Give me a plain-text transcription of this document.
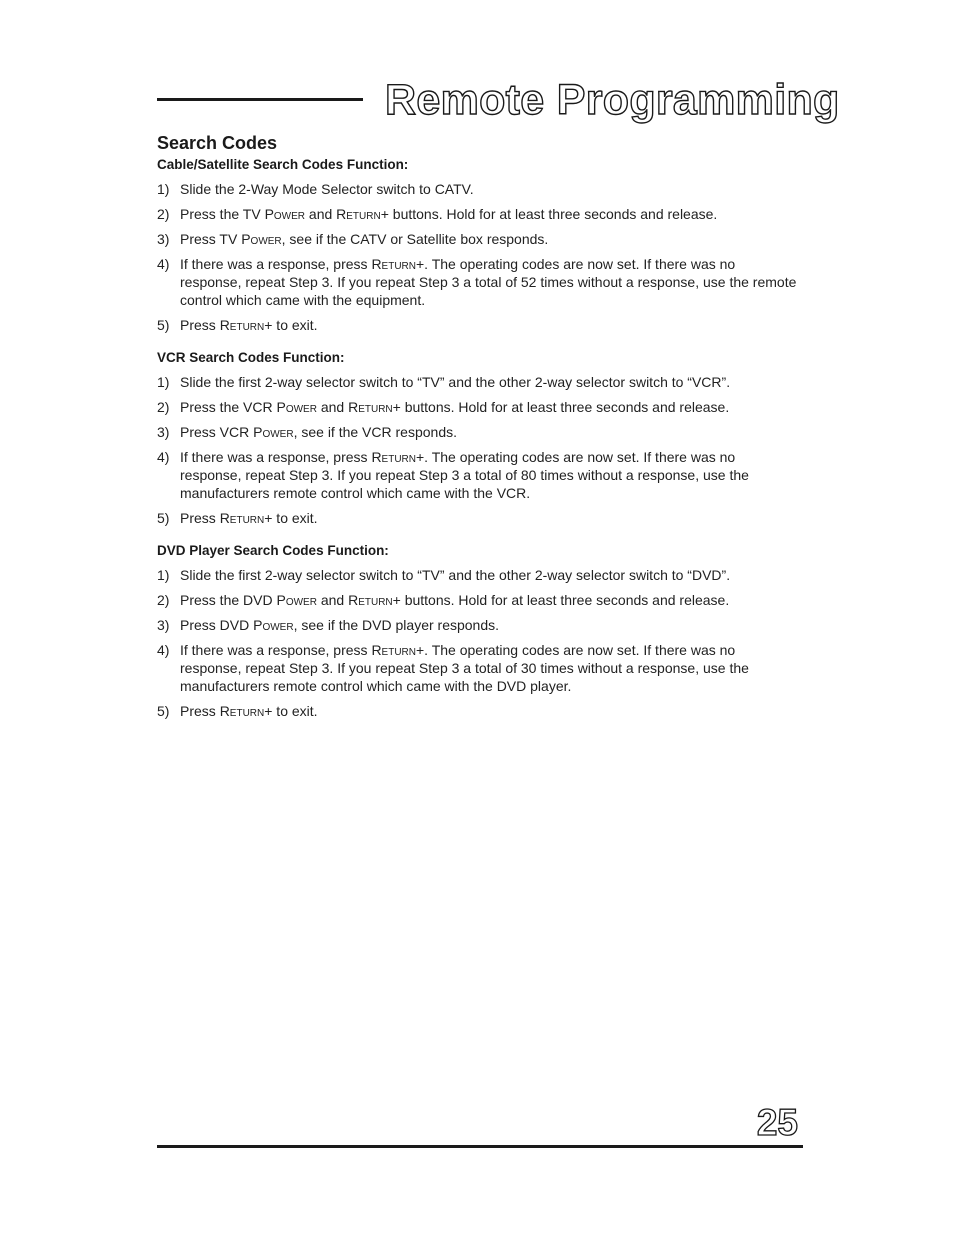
Remote Programming
Search Codes
Cable/Satellite Search Codes Function:
1) Slide the 2-Way Mode Selector switch to CATV.
2) Press the TV Power and Return+ buttons. Hold for at least three seconds and release.
3) Press TV Power, see if the CATV or Satellite box responds.
4) If there was a response, press Return+. The operating codes are now set. If there was no response, repeat Step 3. If you repeat Step 3 a total of 52 times without a response, use the remote control which came with the equipment.
5) Press Return+ to exit.
VCR Search Codes Function:
1) Slide the first 2-way selector switch to “TV” and the other 2-way selector switch to “VCR”.
2) Press the VCR Power and Return+ buttons. Hold for at least three seconds and release.
3) Press VCR Power, see if the VCR responds.
4) If there was a response, press Return+. The operating codes are now set. If there was no response, repeat Step 3. If you repeat Step 3 a total of 80 times without a response, use the manufacturers remote control which came with the VCR.
5) Press Return+ to exit.
DVD Player Search Codes Function:
1) Slide the first 2-way selector switch to “TV” and the other 2-way selector switch to “DVD”.
2) Press the DVD Power and Return+ buttons. Hold for at least three seconds and release.
3) Press DVD Power, see if the DVD player responds.
4) If there was a response, press Return+. The operating codes are now set. If there was no response, repeat Step 3. If you repeat Step 3 a total of 30 times without a response, use the manufacturers remote control which came with the DVD player.
5) Press Return+ to exit.
25
